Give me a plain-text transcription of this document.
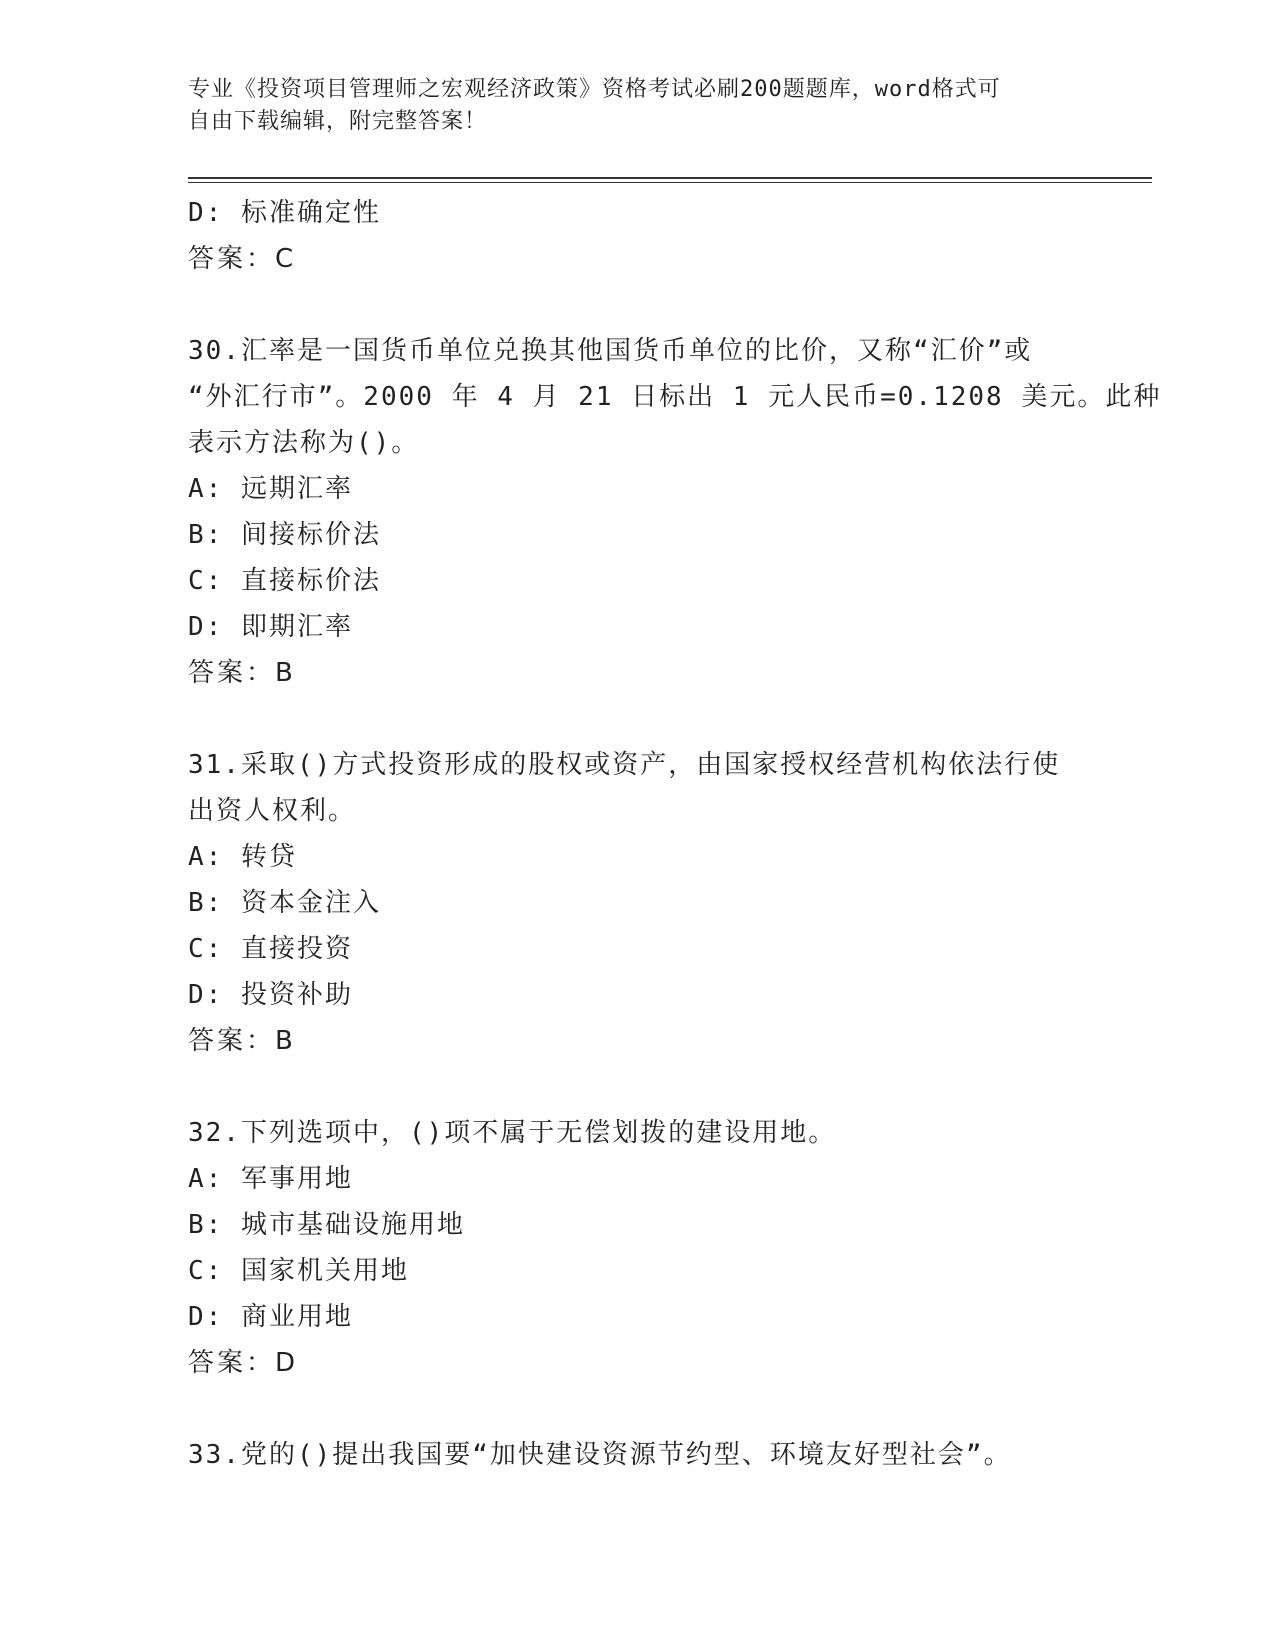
专业《投资项目管理师之宏观经济政策》资格考试必刷200题题库，word格式可
自由下载编辑，附完整答案！
D: 标准确定性
答案：C
30.汇率是一国货币单位兑换其他国货币单位的比价，又称“汇价”或
“外汇行市”。2000 年 4 月 21 日标出 1 元人民币=0.1208 美元。此种
表示方法称为()。
A: 远期汇率
B: 间接标价法
C: 直接标价法
D: 即期汇率
答案：B
31.采取()方式投资形成的股权或资产，由国家授权经营机构依法行使
出资人权利。
A: 转贷
B: 资本金注入
C: 直接投资
D: 投资补助
答案：B
32.下列选项中，()项不属于无偿划拨的建设用地。
A: 军事用地
B: 城市基础设施用地
C: 国家机关用地
D: 商业用地
答案：D
33.党的()提出我国要“加快建设资源节约型、环境友好型社会”。
